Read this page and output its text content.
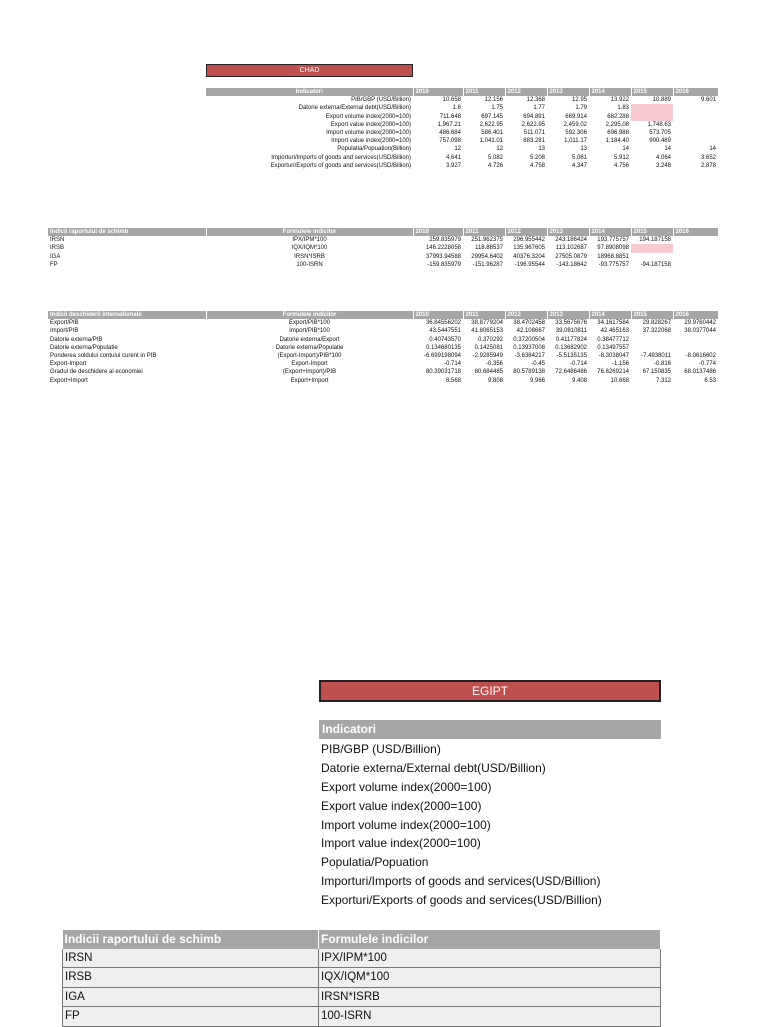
CHAD
Indicatori	2010	2011	2012	2013	2014	2015	2016
PIB/GBP (USD/Billion)	10.658	12.156	12.368	12.95	13.922	10.889	9.601
Datorie externa/External debt(USD/Billion)	1.6	1.75	1.77	1.79	1.83		
Export volume index(2000=100)	711.648	697.145	694.891	669.914	682.288		
Export value index(2000=100)	1,967.21	2,622.95	2,622.95	2,459.02	2,295.08	1,748.63	
Import volume index(2000=100)	486.684	586.401	511.071	592.306	696.988	573.705	
Import value index(2000=100)	757.098	1,041.01	883.281	1,011.17	1,184.40	900.489	
Populatia/Popuation(Billion)	12	12	13	13	14	14	14
Importuri/Imports of goods and services(USD/Billion)	4.641	5.082	5.208	5.061	5.912	4.064	3.652
Exporturi/Exports of goods and services(USD/Billion)	3.927	4.726	4.758	4.347	4.756	3.248	2.878
Indicii raportului de schimb	Formulele indicilor	2010	2011	2012	2013	2014	2015	2016
IRSN	IPX/IPM*100	259.835979	251.962375	296.955442	243.186424	193.775757	194.187158	
IRSB	IQX/IQM*100	146.2228058	118.88537	135.967605	113.102687	97.8908098		
IGA	IRSN*ISRB	37993.94588	29954.6402	40376.3204	27505.0879	18968.8851		
FP	100-ISRN	-159.835979	-151.96287	-196.95544	-143.18642	-93.775757	-94.187158	
Indicii deschiderii internationale	Formulele indicilor	2010	2011	2012	2013	2014	2015	2016
Export/PIB	Export/PIB*100	36.84556202	38.8779204	38.4702458	33.5675676	34.1617584	29.828267	29.9760442
Import/PIB	Import/PIB*100	43.5447551	41.8065153	42.108667	39.0810811	42.465163	37.322068	38.0377044
Datorie externa/PIB	Datorie externa/Export	0.40743570	0.370292	0.37200504	0.41177824	0.38477712		
Datorie externa/Populatie	Datorie externa/Populatie	0.134680135	0.1425081	0.13937008	0.13682902	0.13497557		
Ponderea soldului contului curent in PIB	(Export-Import)/PIB*100	-6.699198094	-2.9285949	-3.6384217	-5.5135135	-8.3038047	-7.4938011	-8.0616602
Export-Import	Export-Import	-0.714	-0.356	-0.45	-0.714	-1.156	-0.816	-0.774
Gradul de deschidere al economiei	(Export+Import)/PIB	80.39031718	80.684485	80.5789138	72.6486486	76.6269214	67.150835	68.0137486
Export+Import	Export+Import	8.568	9.808	9.966	9.408	10.668	7.312	6.53
EGIPT
Indicatori
PIB/GBP (USD/Billion)
Datorie externa/External debt(USD/Billion)
Export volume index(2000=100)
Export value index(2000=100)
Import volume index(2000=100)
Import value index(2000=100)
Populatia/Popuation
Importuri/Imports of goods and services(USD/Billion)
Exporturi/Exports of goods and services(USD/Billion)
Indicii raportului de schimb	Formulele indicilor
IRSN	IPX/IPM*100
IRSB	IQX/IQM*100
IGA	IRSN*ISRB
FP	100-ISRN
